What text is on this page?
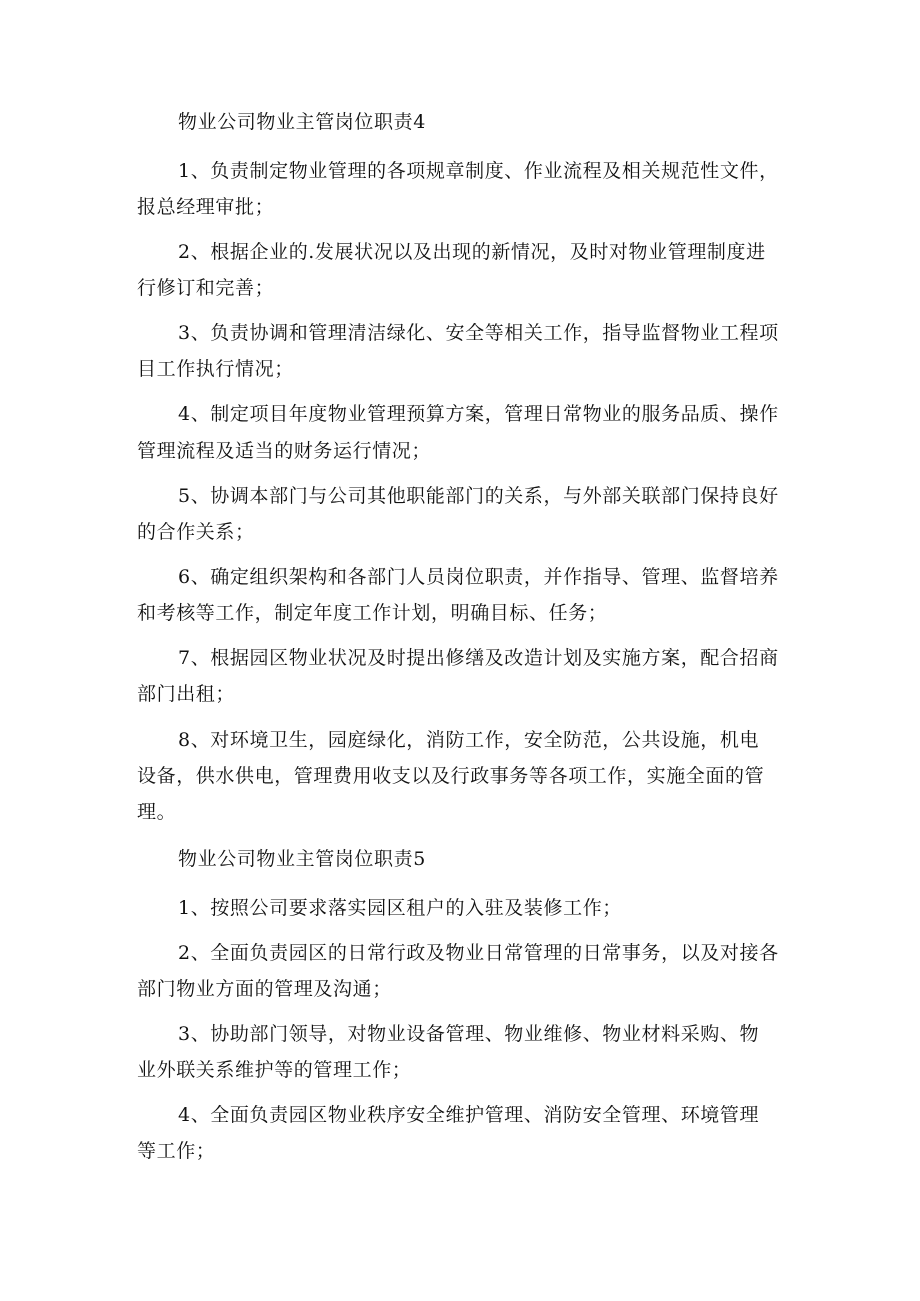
物业公司物业主管岗位职责4

1、负责制定物业管理的各项规章制度、作业流程及相关规范性文件，

报总经理审批；

2、根据企业的.发展状况以及出现的新情况，及时对物业管理制度进

行修订和完善；

3、负责协调和管理清洁绿化、安全等相关工作，指导监督物业工程项

目工作执行情况；

4、制定项目年度物业管理预算方案，管理日常物业的服务品质、操作

管理流程及适当的财务运行情况；

5、协调本部门与公司其他职能部门的关系，与外部关联部门保持良好

的合作关系；

6、确定组织架构和各部门人员岗位职责，并作指导、管理、监督培养

和考核等工作，制定年度工作计划，明确目标、任务；

7、根据园区物业状况及时提出修缮及改造计划及实施方案，配合招商

部门出租；

8、对环境卫生，园庭绿化，消防工作，安全防范，公共设施，机电

设备，供水供电，管理费用收支以及行政事务等各项工作，实施全面的管

理。

物业公司物业主管岗位职责5

1、按照公司要求落实园区租户的入驻及装修工作；

2、全面负责园区的日常行政及物业日常管理的日常事务，以及对接各

部门物业方面的管理及沟通；

3、协助部门领导，对物业设备管理、物业维修、物业材料采购、物

业外联关系维护等的管理工作；

4、全面负责园区物业秩序安全维护管理、消防安全管理、环境管理

等工作；
